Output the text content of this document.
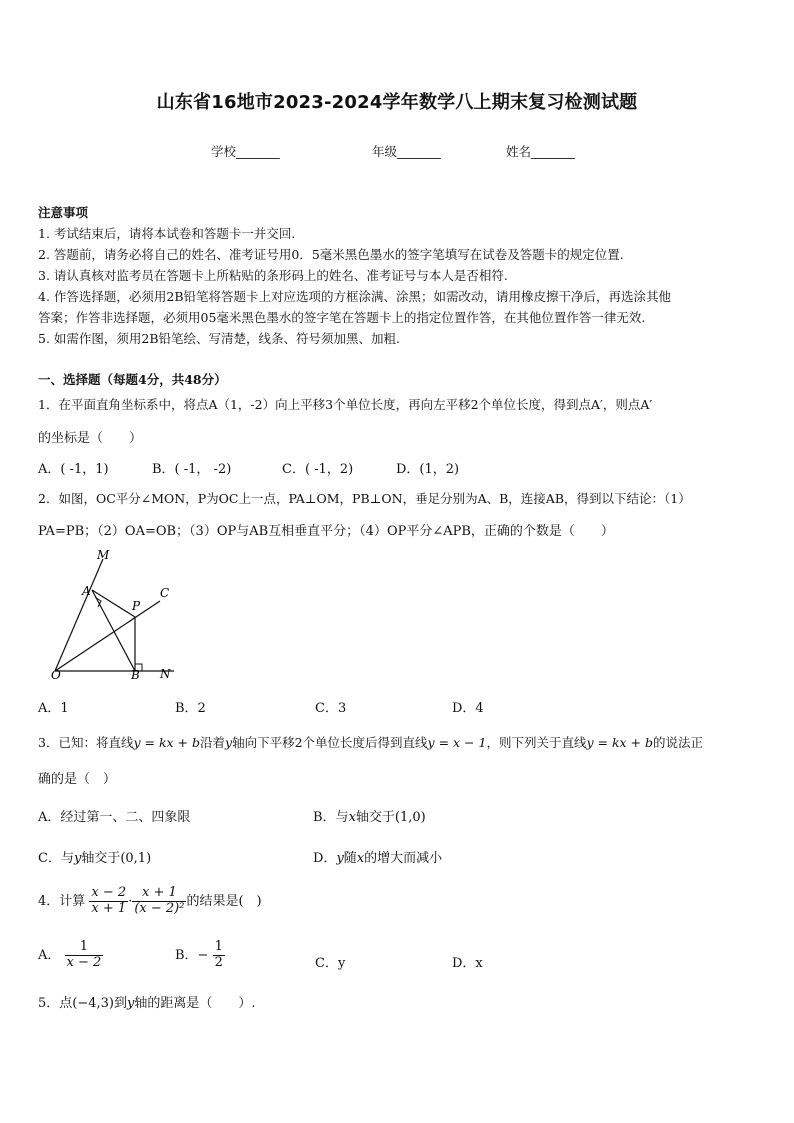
山东省16地市2023-2024学年数学八上期末复习检测试题
学校_______	年级_______	姓名_______
注意事项
1. 考试结束后，请将本试卷和答题卡一并交回.
2. 答题前，请务必将自己的姓名、准考证号用0．5毫米黑色墨水的签字笔填写在试卷及答题卡的规定位置.
3. 请认真核对监考员在答题卡上所粘贴的条形码上的姓名、准考证号与本人是否相符.
4. 作答选择题，必须用2B铅笔将答题卡上对应选项的方框涂满、涂黑；如需改动，请用橡皮擦干净后，再选涂其他
答案；作答非选择题，必须用05毫米黑色墨水的签字笔在答题卡上的指定位置作答，在其他位置作答一律无效.
5. 如需作图，须用2B铅笔绘、写清楚，线条、符号须加黑、加粗.
一、选择题（每题4分，共48分）
1．在平面直角坐标系中，将点A（1，-2）向上平移3个单位长度，再向左平移2个单位长度，得到点A′，则点A′
的坐标是（　　）
A．( -1，1)	B．( -1， -2)	C．( -1，2)	D．(1，2)
2．如图，OC平分∠MON，P为OC上一点，PA⊥OM，PB⊥ON，垂足分别为A、B，连接AB，得到以下结论：（1）
PA=PB；（2）OA=OB；（3）OP与AB互相垂直平分；（4）OP平分∠APB，正确的个数是（　　）
M
A
P
C
O	B N
A．1	B．2	C．3	D．4
3．已知：将直线y = kx + b沿着y轴向下平移2个单位长度后得到直线y = x − 1，则下列关于直线y = kx + b的说法正
确的是（　）
A．经过第一、二、四象限	B．与x轴交于(1,0)
C．与y轴交于(0,1)	D．y随x的增大而减小
4．计算 $\frac{x - 2}{x + 1} \cdot \frac{x + 1}{\text{(x − 2)²}}$ 的结果是(　)
A． $\frac{1}{x - 2}$	B．− $\frac{1}{2}$	C．y	D．x
5．点(−4,3)到y轴的距离是（　　）.
